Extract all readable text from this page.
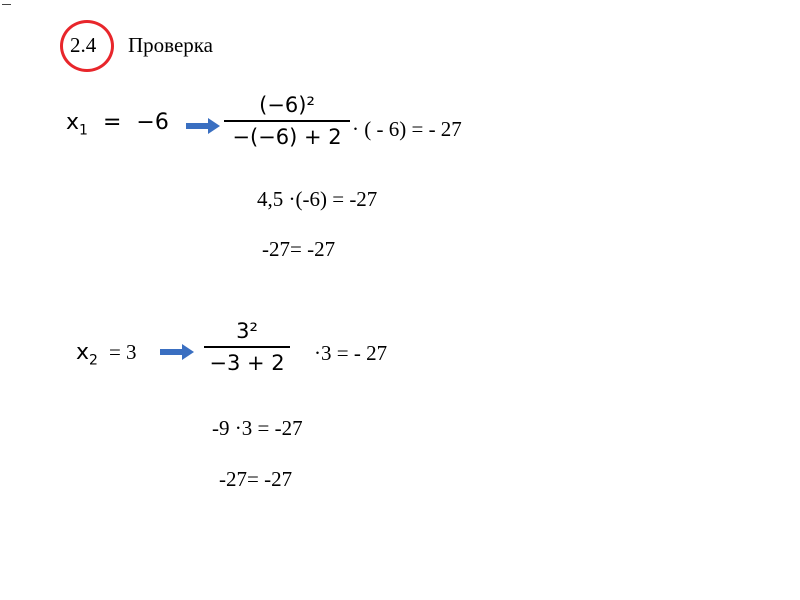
2.4 Проверка
$x_1 = -6$
(−6)²
−(−6) + 2 · ( - 6) = - 27
4,5 ·(-6) = -27
-27= -27
$x_2 = 3$
3²
−3 + 2 ·3 = - 27
-9 ·3 = -27
-27= -27
